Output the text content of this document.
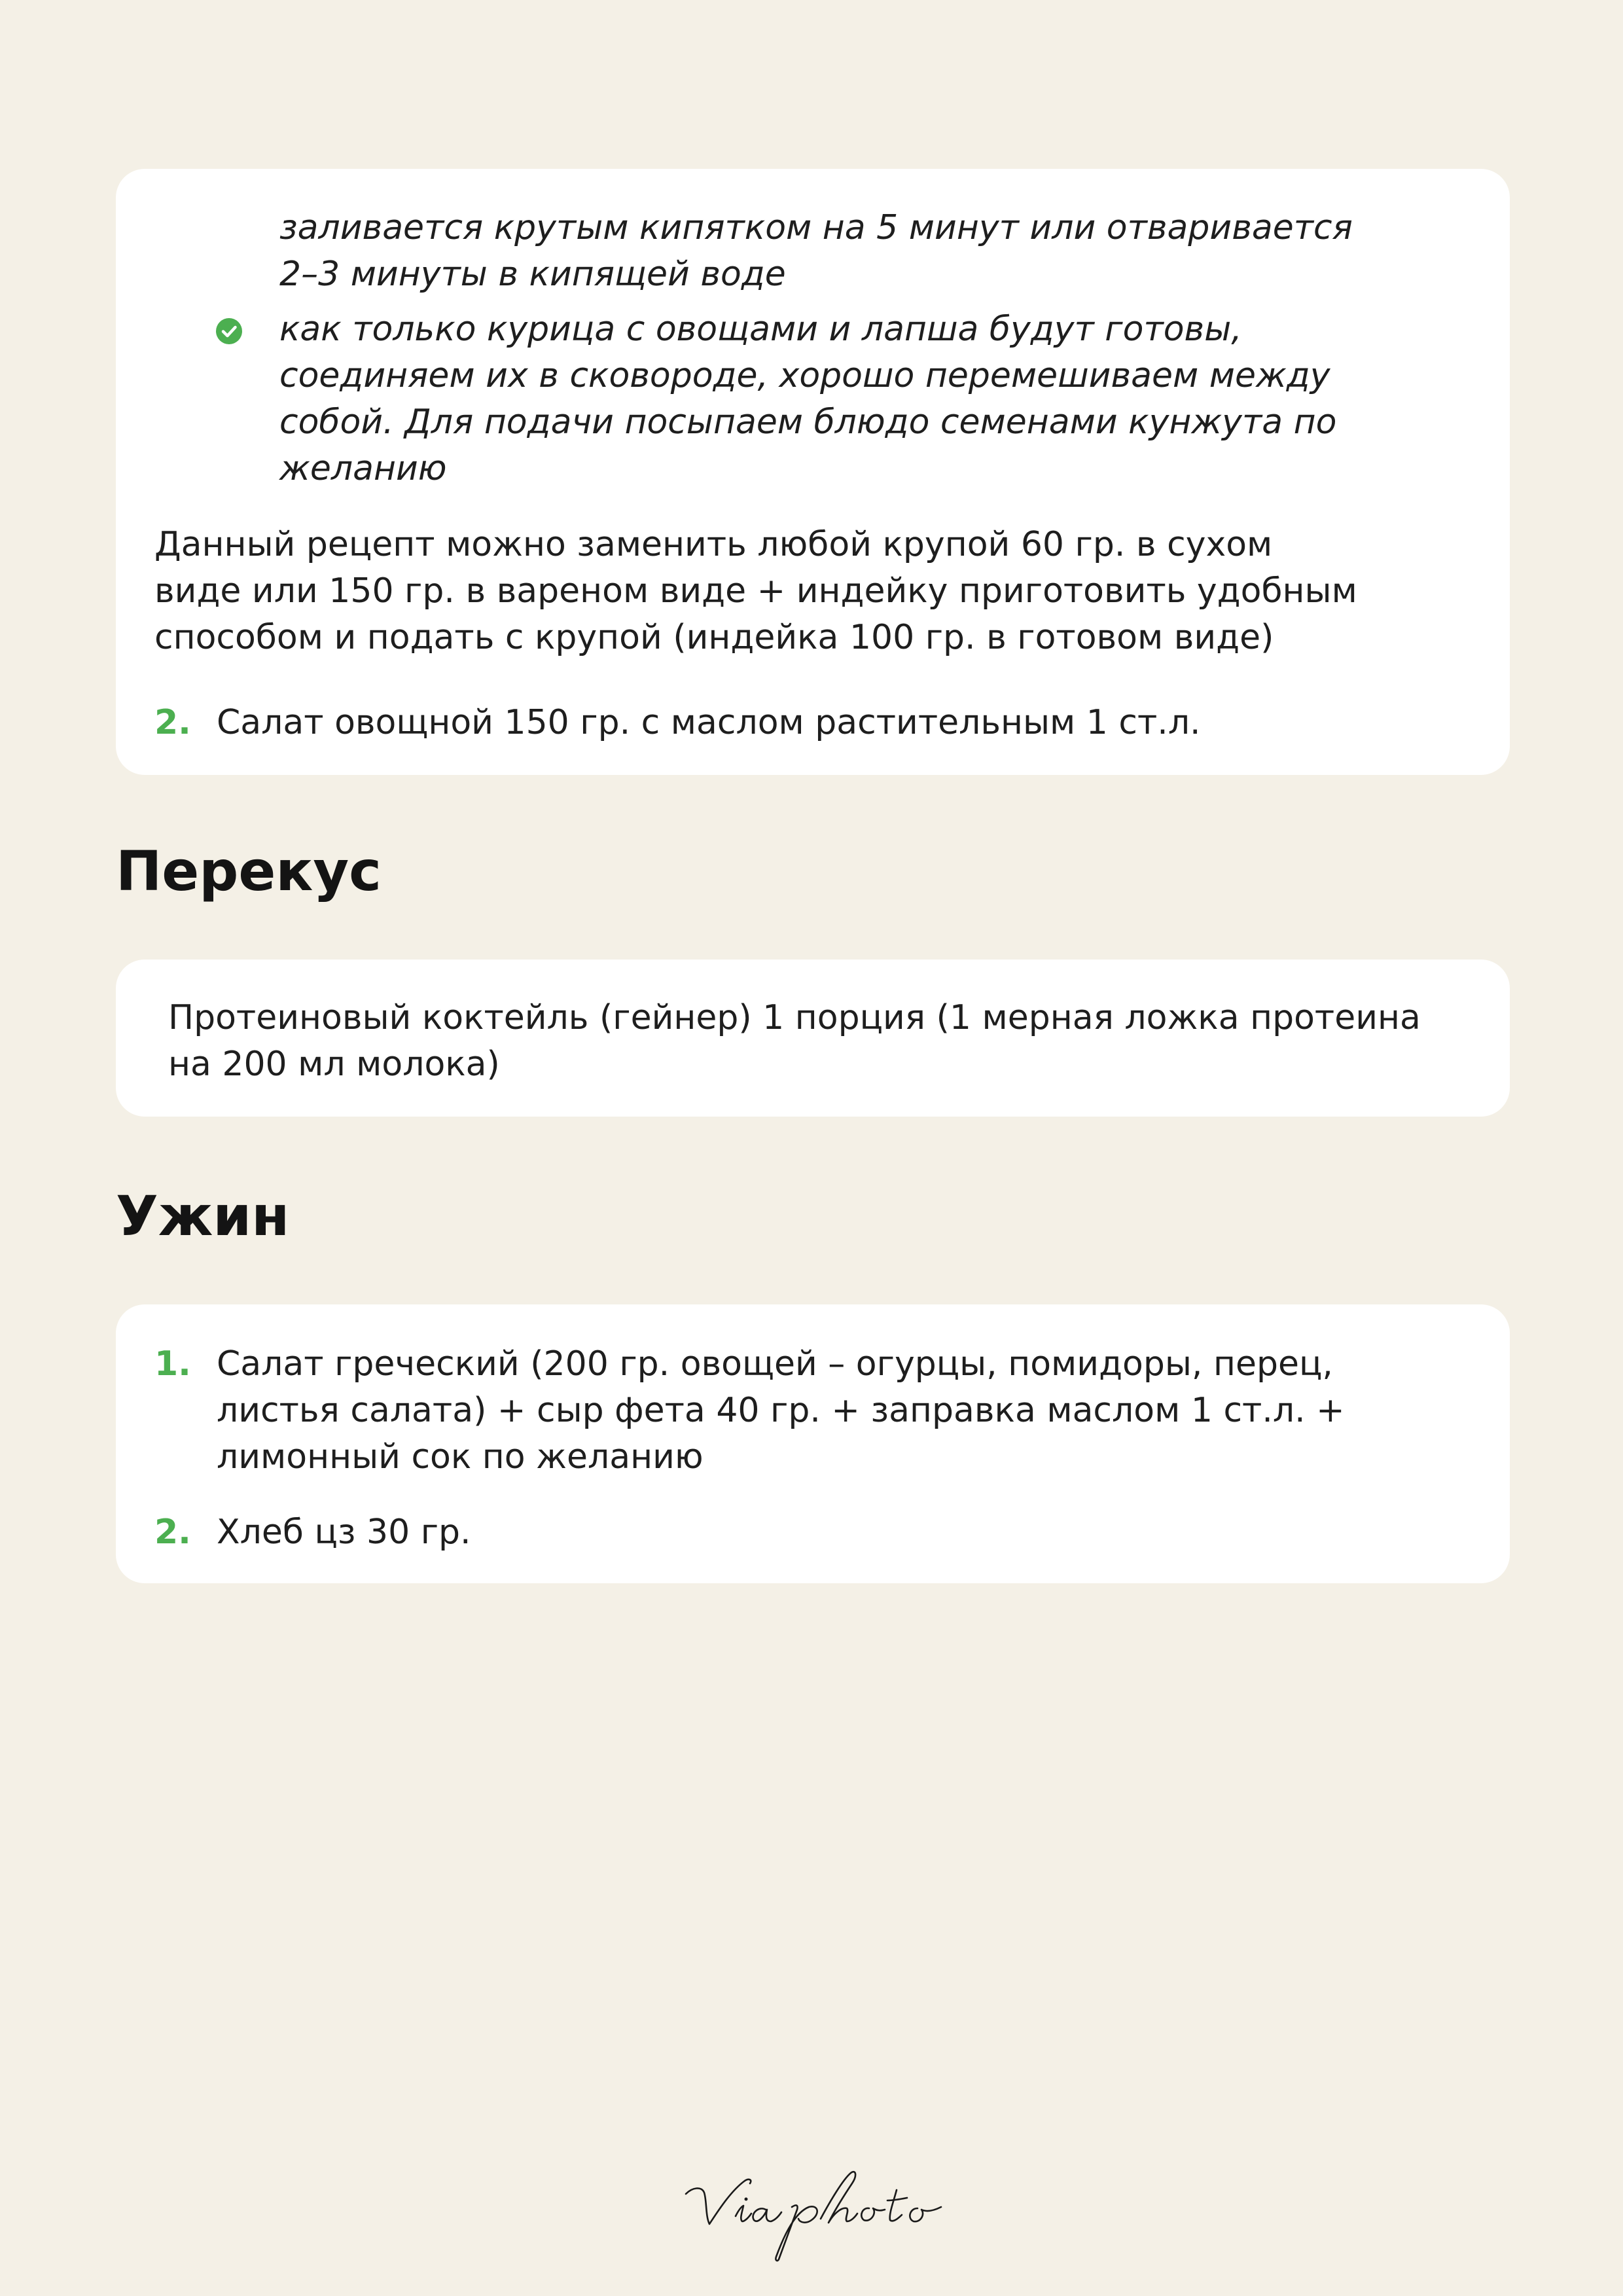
заливается крутым кипятком на 5 минут или отваривается

2–3 минуты в кипящей воде

как только курица с овощами и лапша будут готовы,

соединяем их в сковороде, хорошо перемешиваем между

собой. Для подачи посыпаем блюдо семенами кунжута по

желанию

Данный рецепт можно заменить любой крупой 60 гр. в сухом

виде или 150 гр. в вареном виде + индейку приготовить удобным

способом и подать с крупой (индейка 100 гр. в готовом виде)

2. Салат овощной 150 гр. с маслом растительным 1 ст.л.

Перекус

Протеиновый коктейль (гейнер) 1 порция (1 мерная ложка протеина

на 200 мл молока)

Ужин

1. Салат греческий (200 гр. овощей – огурцы, помидоры, перец,

листья салата) + сыр фета 40 гр. + заправка маслом 1 ст.л. +

лимонный сок по желанию

2. Хлеб цз 30 гр.
